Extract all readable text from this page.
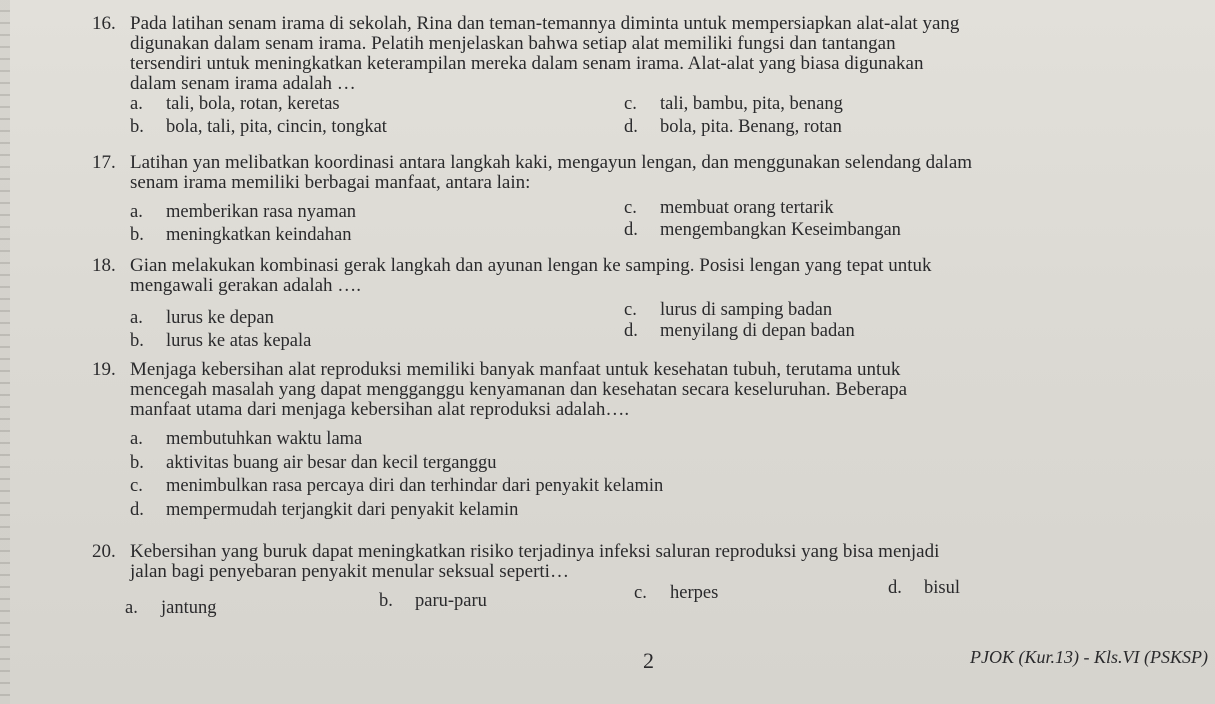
16. Pada latihan senam irama di sekolah, Rina dan teman-temannya diminta untuk mempersiapkan alat-alat yang
digunakan dalam senam irama. Pelatih menjelaskan bahwa setiap alat memiliki fungsi dan tantangan
tersendiri untuk meningkatkan keterampilan mereka dalam senam irama. Alat-alat yang biasa digunakan
dalam senam irama adalah …
a. tali, bola, rotan, keretas
b. bola, tali, pita, cincin, tongkat
c. tali, bambu, pita, benang
d. bola, pita. Benang, rotan
17. Latihan yan melibatkan koordinasi antara langkah kaki, mengayun lengan, dan menggunakan selendang dalam
senam irama memiliki berbagai manfaat, antara lain:
a. memberikan rasa nyaman
b. meningkatkan keindahan
c. membuat orang tertarik
d. mengembangkan Keseimbangan
18. Gian melakukan kombinasi gerak langkah dan ayunan lengan ke samping. Posisi lengan yang tepat untuk
mengawali gerakan adalah ….
a. lurus ke depan
b. lurus ke atas kepala
c. lurus di samping badan
d. menyilang di depan badan
19. Menjaga kebersihan alat reproduksi memiliki banyak manfaat untuk kesehatan tubuh, terutama untuk
mencegah masalah yang dapat mengganggu kenyamanan dan kesehatan secara keseluruhan. Beberapa
manfaat utama dari menjaga kebersihan alat reproduksi adalah….
a. membutuhkan waktu lama
b. aktivitas buang air besar dan kecil terganggu
c. menimbulkan rasa percaya diri dan terhindar dari penyakit kelamin
d. mempermudah terjangkit dari penyakit kelamin
20. Kebersihan yang buruk dapat meningkatkan risiko terjadinya infeksi saluran reproduksi yang bisa menjadi
jalan bagi penyebaran penyakit menular seksual seperti…
a. jantung	b. paru-paru	c. herpes	d. bisul
2	PJOK (Kur.13) - Kls.VI (PSKSP)
